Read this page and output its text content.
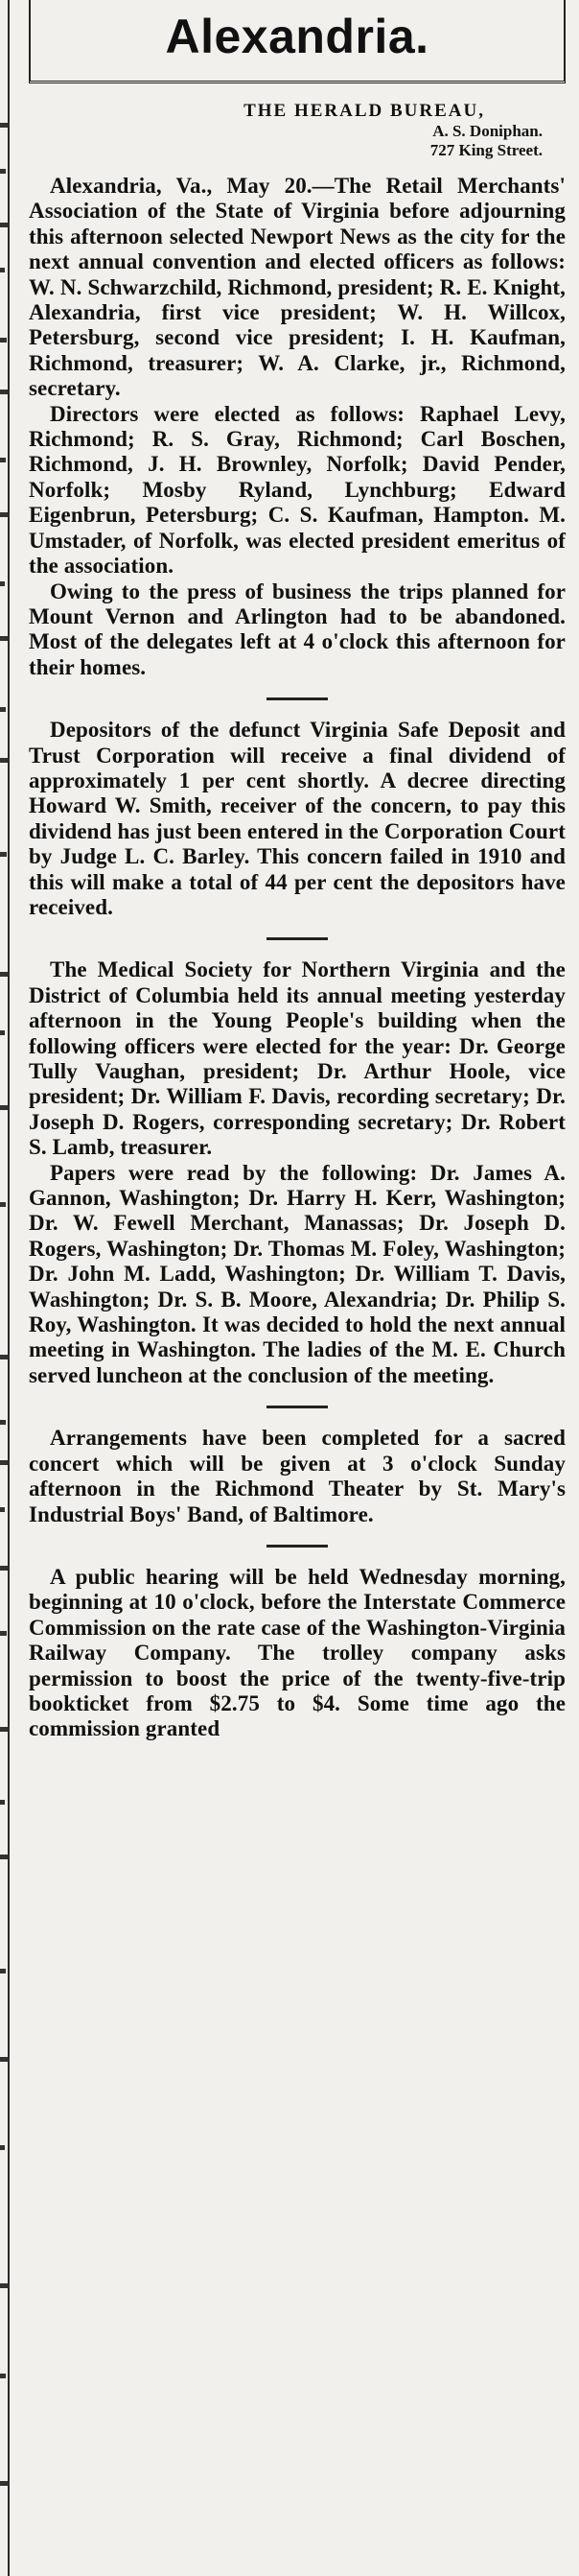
Alexandria.
THE HERALD BUREAU,
A. S. Doniphan.
727 King Street.

Alexandria, Va., May 20.—The Retail Merchants' Association of the State of Virginia before adjourning this afternoon selected Newport News as the city for the next annual convention and elected officers as follows: W. N. Schwarzchild, Richmond, president; R. E. Knight, Alexandria, first vice president; W. H. Willcox, Petersburg, second vice president; I. H. Kaufman, Richmond, treasurer; W. A. Clarke, jr., Richmond, secretary.

Directors were elected as follows: Raphael Levy, Richmond; R. S. Gray, Richmond; Carl Boschen, Richmond, J. H. Brownley, Norfolk; David Pender, Norfolk; Mosby Ryland, Lynchburg; Edward Eigenbrun, Petersburg; C. S. Kaufman, Hampton. M. Umstader, of Norfolk, was elected president emeritus of the association.

Owing to the press of business the trips planned for Mount Vernon and Arlington had to be abandoned. Most of the delegates left at 4 o'clock this afternoon for their homes.

Depositors of the defunct Virginia Safe Deposit and Trust Corporation will receive a final dividend of approximately 1 per cent shortly. A decree directing Howard W. Smith, receiver of the concern, to pay this dividend has just been entered in the Corporation Court by Judge L. C. Barley. This concern failed in 1910 and this will make a total of 44 per cent the depositors have received.

The Medical Society for Northern Virginia and the District of Columbia held its annual meeting yesterday afternoon in the Young People's building when the following officers were elected for the year: Dr. George Tully Vaughan, president; Dr. Arthur Hoole, vice president; Dr. William F. Davis, recording secretary; Dr. Joseph D. Rogers, corresponding secretary; Dr. Robert S. Lamb, treasurer.

Papers were read by the following: Dr. James A. Gannon, Washington; Dr. Harry H. Kerr, Washington; Dr. W. Fewell Merchant, Manassas; Dr. Joseph D. Rogers, Washington; Dr. Thomas M. Foley, Washington; Dr. John M. Ladd, Washington; Dr. William T. Davis, Washington; Dr. S. B. Moore, Alexandria; Dr. Philip S. Roy, Washington. It was decided to hold the next annual meeting in Washington. The ladies of the M. E. Church served luncheon at the conclusion of the meeting.

Arrangements have been completed for a sacred concert which will be given at 3 o'clock Sunday afternoon in the Richmond Theater by St. Mary's Industrial Boys' Band, of Baltimore.

A public hearing will be held Wednesday morning, beginning at 10 o'clock, before the Interstate Commerce Commission on the rate case of the Washington-Virginia Railway Company. The trolley company asks permission to boost the price of the twenty-five-trip bookticket from $2.75 to $4. Some time ago the commission granted
